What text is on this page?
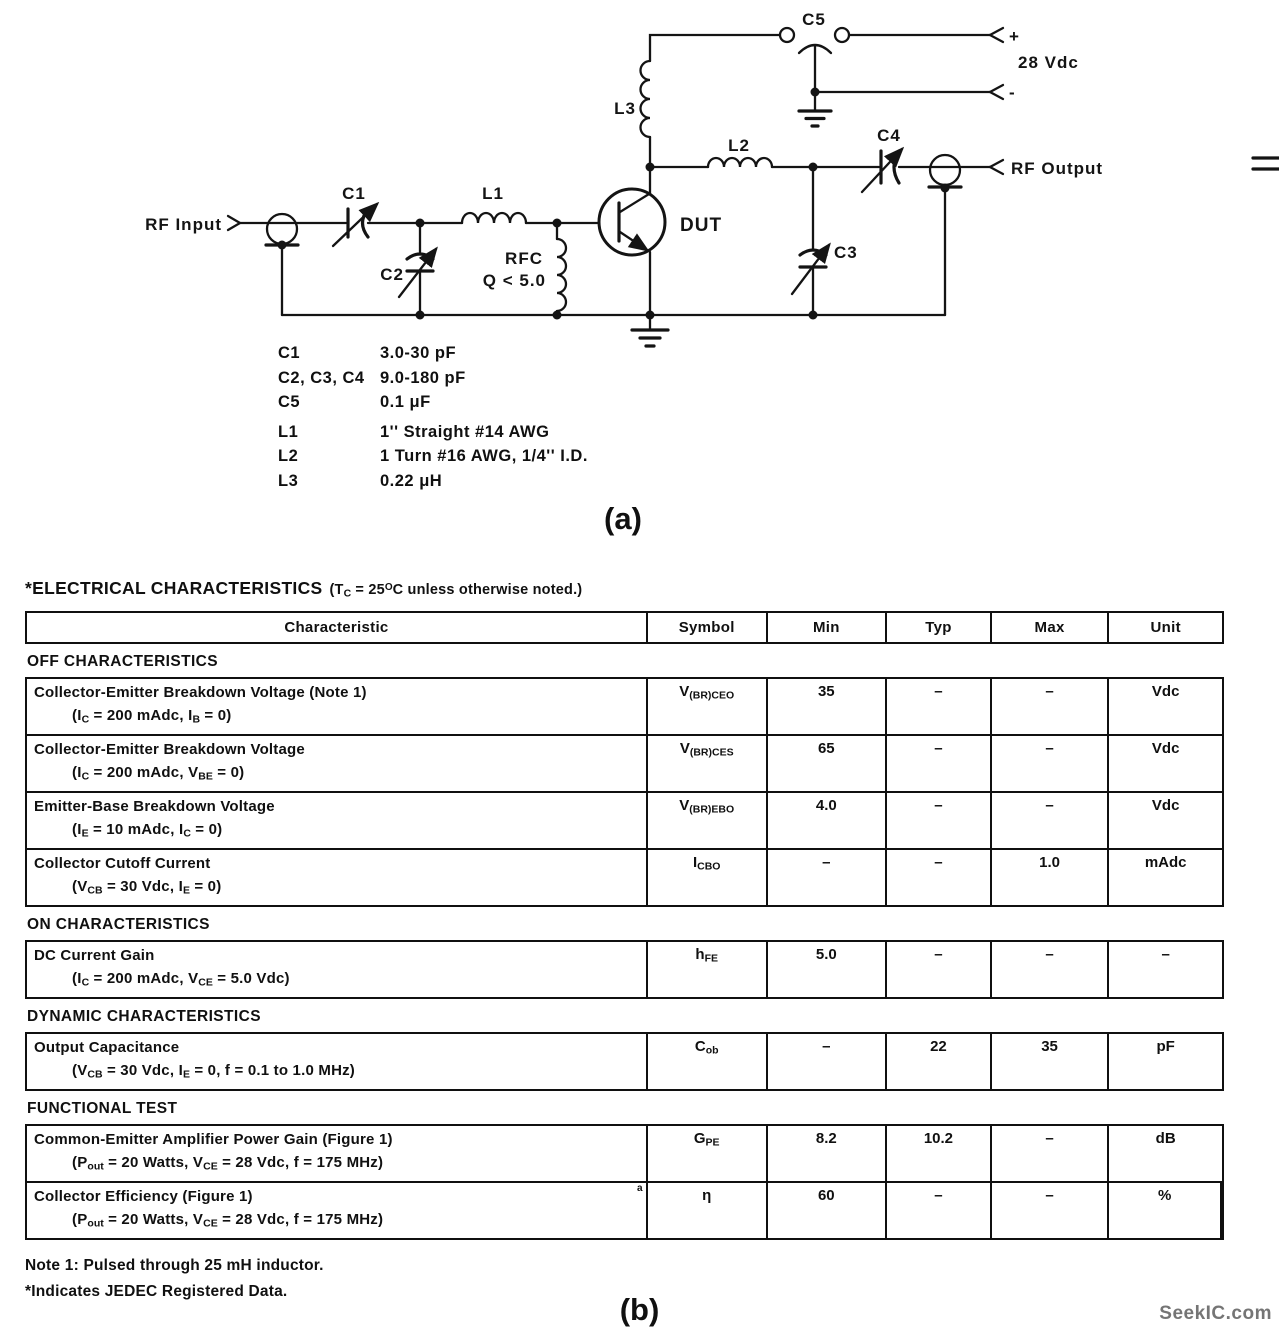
RF Input
C1
C2
L1
RFC
Q < 5.0
DUT
L2
L3
C5
C4
C3
+
-
28 Vdc
RF Output
C1	3.0-30 pF
C2, C3, C4 9.0-180 pF
C5	0.1 μF
L1	1'' Straight #14 AWG
L2	1 Turn #16 AWG, 1/4'' I.D.
L3	0.22 μH
(a)
*ELECTRICAL CHARACTERISTICS ($T_C = 25^OC$ unless otherwise noted.)
Characteristic	Symbol	Min	Typ	Max	Unit
OFF CHARACTERISTICS
Collector-Emitter Breakdown Voltage (Note 1)
($I_C = 200$ mAdc, $I_B = 0$)
$V_{(BR)CEO}$	35	–	–	Vdc
Collector-Emitter Breakdown Voltage
($I_C = 200$ mAdc, $V_{BE} = 0$)
$V_{(BR)CES}$	65	–	–	Vdc
Emitter-Base Breakdown Voltage
($I_E = 10$ mAdc, $I_C = 0$)
$V_{(BR)EBO}$	4.0	–	–	Vdc
Collector Cutoff Current
($V_{CB} = 30$ Vdc, $I_E = 0$)
$I_{CBO}$	–	–	1.0	mAdc
ON CHARACTERISTICS
DC Current Gain
($I_C = 200$ mAdc, $V_{CE} = 5.0$ Vdc)
$h_{FE}$	5.0	–	–	–
DYNAMIC CHARACTERISTICS
Output Capacitance
($V_{CB} = 30$ Vdc, $I_E = 0$, f = 0.1 to 1.0 MHz)
$C_{ob}$	–	22	35	pF
FUNCTIONAL TEST
Common-Emitter Amplifier Power Gain (Figure 1)
($P_{out} = 20$ Watts, $V_{CE} = 28$ Vdc, f = 175 MHz)
$G_{PE}$	8.2	10.2	–	dB
Collector Efficiency (Figure 1)
($P_{out} = 20$ Watts, $V_{CE} = 28$ Vdc, f = 175 MHz)
η	60	–	–	%
a
Note 1: Pulsed through 25 mH inductor.
*Indicates JEDEC Registered Data.
(b)	SeekIC.com
